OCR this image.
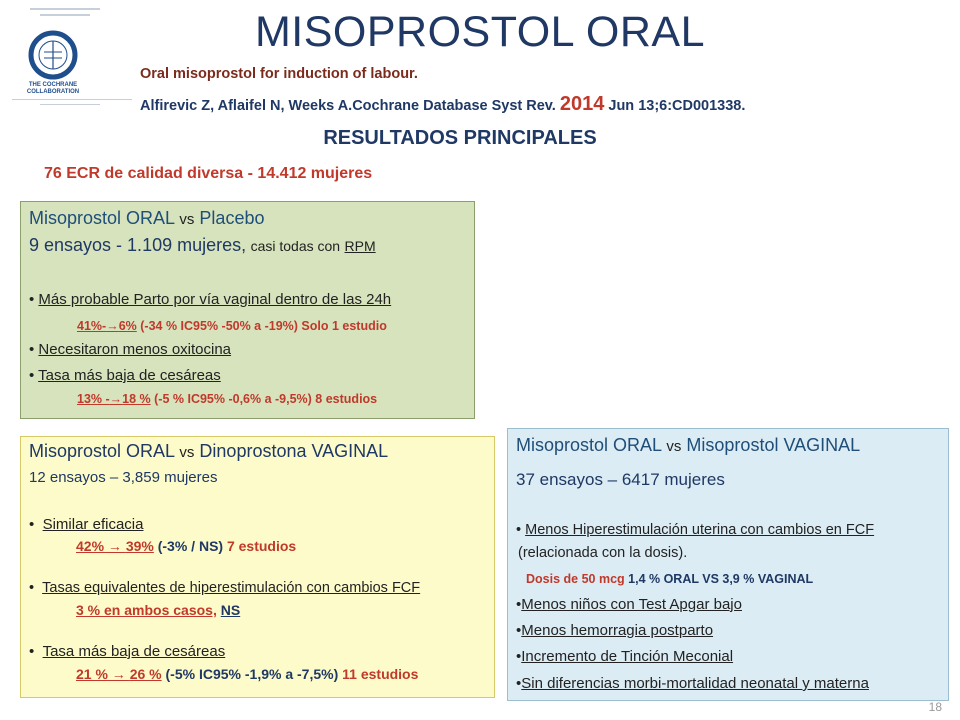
MISOPROSTOL ORAL
THE COCHRANE
COLLABORATION
Oral misoprostol for induction of labour.
Alfirevic Z, Aflaifel N, Weeks A.Cochrane Database Syst Rev. 2014 Jun 13;6:CD001338.
RESULTADOS PRINCIPALES
76 ECR de calidad diversa - 14.412 mujeres
Misoprostol ORAL vs Placebo
9 ensayos - 1.109 mujeres, casi todas con RPM
• Más probable Parto por vía vaginal dentro de las 24h
41%-→6% (-34 % IC95% -50% a -19%) Solo 1 estudio
• Necesitaron menos oxitocina
• Tasa más baja de cesáreas
13% -→18 % (-5 % IC95% -0,6% a -9,5%) 8 estudios
Misoprostol ORAL vs Dinoprostona VAGINAL
12 ensayos – 3,859 mujeres
•  Similar eficacia
42% → 39% (-3% / NS) 7 estudios
•  Tasas equivalentes de hiperestimulación con cambios FCF
3 % en ambos casos, NS
•  Tasa más baja de cesáreas
21 % → 26 % (-5% IC95% -1,9% a -7,5%) 11 estudios
Misoprostol ORAL vs Misoprostol VAGINAL
37 ensayos – 6417 mujeres
• Menos Hiperestimulación uterina con cambios en FCF
(relacionada con la dosis).
Dosis de 50 mcg 1,4 % ORAL VS 3,9 % VAGINAL
•Menos niños con Test Apgar bajo
•Menos hemorragia postparto
•Incremento de Tinción Meconial
•Sin diferencias morbi-mortalidad neonatal y materna
18
